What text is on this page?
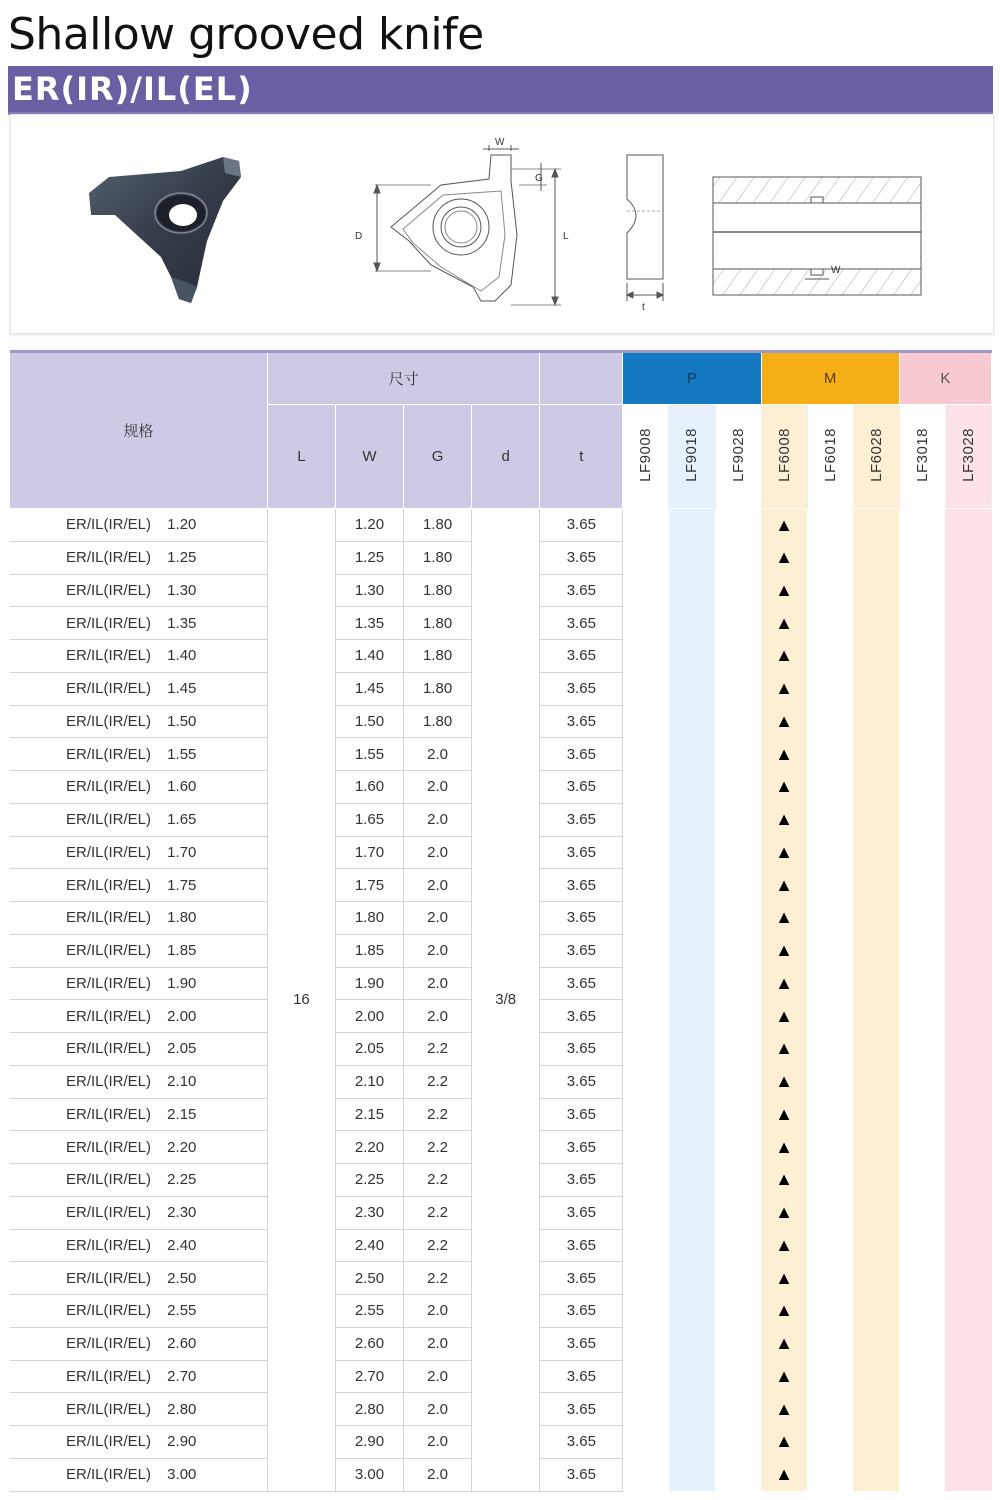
Shallow grooved knife
ER(IR)/IL(EL)
W
G
D	L
t
W
规格	尺寸					P			M			K	
	L	W	G	d	t	LF9008	LF9018	LF9028	LF6008	LF6018	LF6028	LF3018	LF3028
ER/IL(IR/EL) 1.20	16	1.20	1.80	3/8	3.65				▲				
ER/IL(IR/EL) 1.25		1.25	1.80		3.65				▲				
ER/IL(IR/EL) 1.30		1.30	1.80		3.65				▲				
ER/IL(IR/EL) 1.35		1.35	1.80		3.65				▲				
ER/IL(IR/EL) 1.40		1.40	1.80		3.65				▲				
ER/IL(IR/EL) 1.45		1.45	1.80		3.65				▲				
ER/IL(IR/EL) 1.50		1.50	1.80		3.65				▲				
ER/IL(IR/EL) 1.55		1.55	2.0		3.65				▲				
ER/IL(IR/EL) 1.60		1.60	2.0		3.65				▲				
ER/IL(IR/EL) 1.65		1.65	2.0		3.65				▲				
ER/IL(IR/EL) 1.70		1.70	2.0		3.65				▲				
ER/IL(IR/EL) 1.75		1.75	2.0		3.65				▲				
ER/IL(IR/EL) 1.80		1.80	2.0		3.65				▲				
ER/IL(IR/EL) 1.85		1.85	2.0		3.65				▲				
ER/IL(IR/EL) 1.90		1.90	2.0		3.65				▲				
ER/IL(IR/EL) 2.00		2.00	2.0		3.65				▲				
ER/IL(IR/EL) 2.05		2.05	2.2		3.65				▲				
ER/IL(IR/EL) 2.10		2.10	2.2		3.65				▲				
ER/IL(IR/EL) 2.15		2.15	2.2		3.65				▲				
ER/IL(IR/EL) 2.20		2.20	2.2		3.65				▲				
ER/IL(IR/EL) 2.25		2.25	2.2		3.65				▲				
ER/IL(IR/EL) 2.30		2.30	2.2		3.65				▲				
ER/IL(IR/EL) 2.40		2.40	2.2		3.65				▲				
ER/IL(IR/EL) 2.50		2.50	2.2		3.65				▲				
ER/IL(IR/EL) 2.55		2.55	2.0		3.65				▲				
ER/IL(IR/EL) 2.60		2.60	2.0		3.65				▲				
ER/IL(IR/EL) 2.70		2.70	2.0		3.65				▲				
ER/IL(IR/EL) 2.80		2.80	2.0		3.65				▲				
ER/IL(IR/EL) 2.90		2.90	2.0		3.65				▲				
ER/IL(IR/EL) 3.00		3.00	2.0		3.65				▲				
